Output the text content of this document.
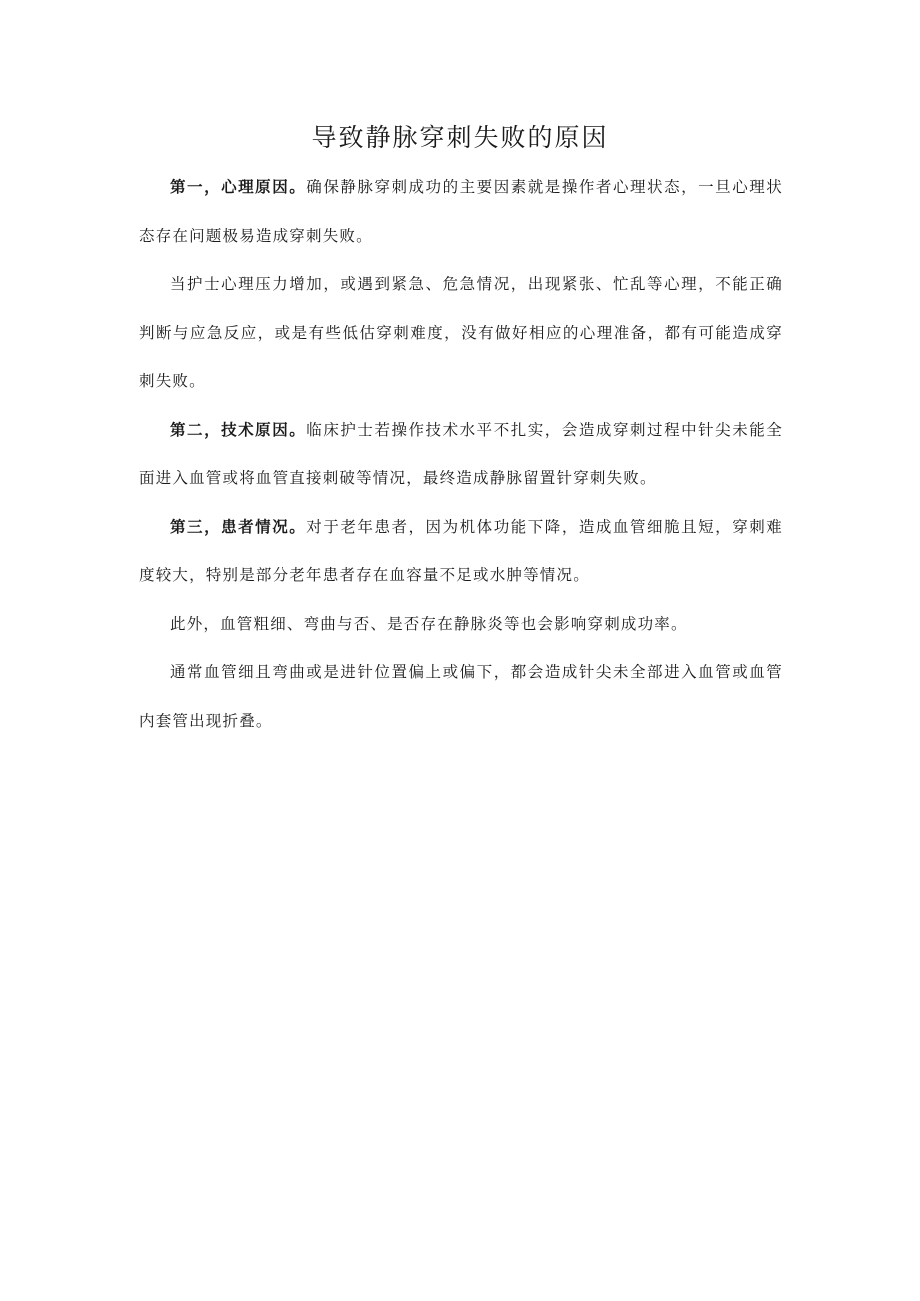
导致静脉穿刺失败的原因

第一，心理原因。确保静脉穿刺成功的主要因素就是操作者心理状态，一旦心理状态存在问题极易造成穿刺失败。

当护士心理压力增加，或遇到紧急、危急情况，出现紧张、忙乱等心理，不能正确判断与应急反应，或是有些低估穿刺难度，没有做好相应的心理准备，都有可能造成穿刺失败。

第二，技术原因。临床护士若操作技术水平不扎实，会造成穿刺过程中针尖未能全面进入血管或将血管直接刺破等情况，最终造成静脉留置针穿刺失败。

第三，患者情况。对于老年患者，因为机体功能下降，造成血管细脆且短，穿刺难度较大，特别是部分老年患者存在血容量不足或水肿等情况。

此外，血管粗细、弯曲与否、是否存在静脉炎等也会影响穿刺成功率。

通常血管细且弯曲或是进针位置偏上或偏下，都会造成针尖未全部进入血管或血管内套管出现折叠。
